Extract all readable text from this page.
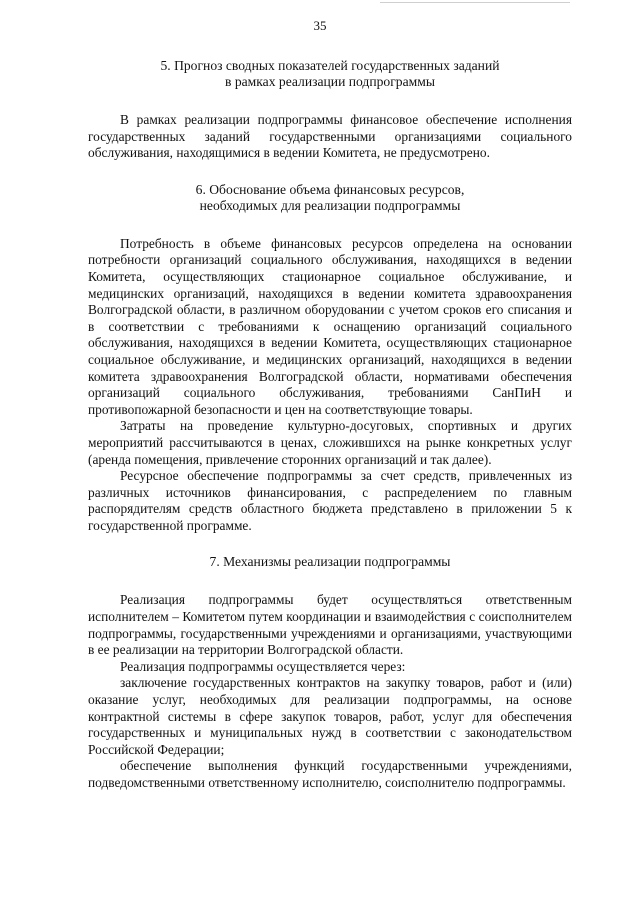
35
5. Прогноз сводных показателей государственных заданий
в рамках реализации подпрограммы

В рамках реализации подпрограммы финансовое обеспечение исполнения государственных заданий государственными организациями социального обслуживания, находящимися в ведении Комитета, не предусмотрено.

6. Обоснование объема финансовых ресурсов,
необходимых для реализации подпрограммы

Потребность в объеме финансовых ресурсов определена на основании потребности организаций социального обслуживания, находящихся в ведении Комитета, осуществляющих стационарное социальное обслуживание, и медицинских организаций, находящихся в ведении комитета здравоохранения Волгоградской области, в различном оборудовании с учетом сроков его списания и в соответствии с требованиями к оснащению организаций социального обслуживания, находящихся в ведении Комитета, осуществляющих стационарное социальное обслуживание, и медицинских организаций, находящихся в ведении комитета здравоохранения Волгоградской области, нормативами обеспечения организаций социального обслуживания, требованиями СанПиН и противопожарной безопасности и цен на соответствующие товары.

Затраты на проведение культурно-досуговых, спортивных и других мероприятий рассчитываются в ценах, сложившихся на рынке конкретных услуг (аренда помещения, привлечение сторонних организаций и так далее).

Ресурсное обеспечение подпрограммы за счет средств, привлеченных из различных источников финансирования, с распределением по главным распорядителям средств областного бюджета представлено в приложении 5 к государственной программе.

7. Механизмы реализации подпрограммы

Реализация подпрограммы будет осуществляться ответственным исполнителем – Комитетом путем координации и взаимодействия с соисполнителем подпрограммы, государственными учреждениями и организациями, участвующими в ее реализации на территории Волгоградской области.

Реализация подпрограммы осуществляется через:

заключение государственных контрактов на закупку товаров, работ и (или) оказание услуг, необходимых для реализации подпрограммы, на основе контрактной системы в сфере закупок товаров, работ, услуг для обеспечения государственных и муниципальных нужд в соответствии с законодательством Российской Федерации;

обеспечение выполнения функций государственными учреждениями, подведомственными ответственному исполнителю, соисполнителю подпрограммы.
